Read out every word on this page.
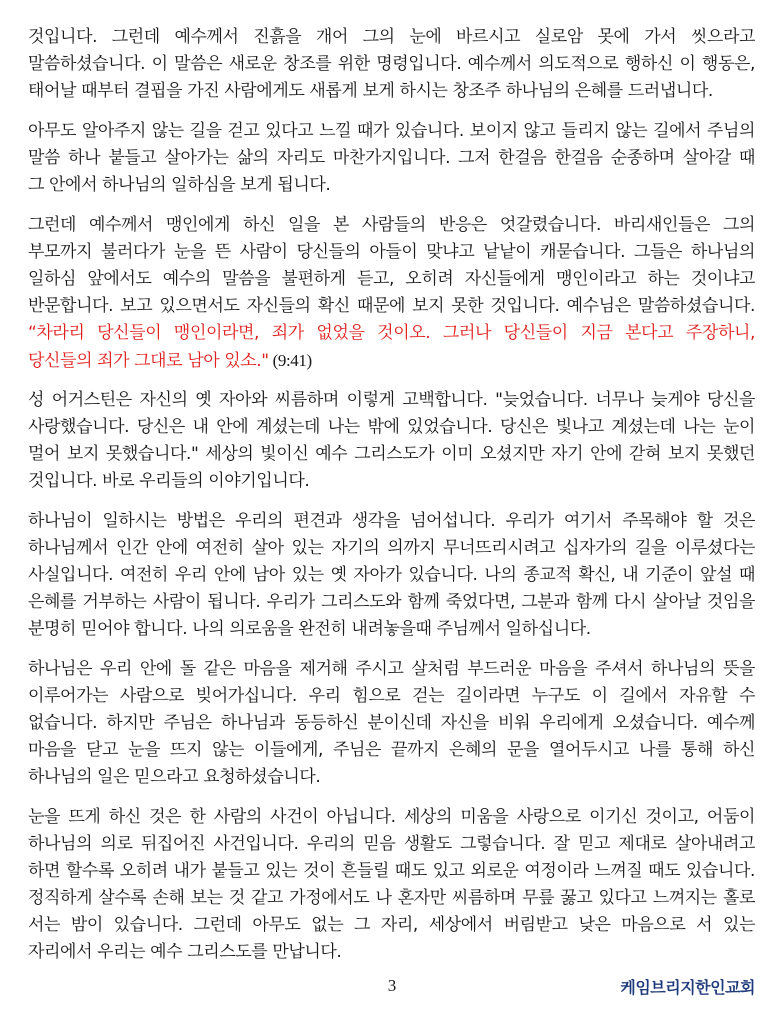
것입니다. 그런데 예수께서 진흙을 개어 그의 눈에 바르시고 실로암 못에 가서 씻으라고
말씀하셨습니다. 이 말씀은 새로운 창조를 위한 명령입니다. 예수께서 의도적으로 행하신 이 행동은,
태어날 때부터 결핍을 가진 사람에게도 새롭게 보게 하시는 창조주 하나님의 은혜를 드러냅니다.
아무도 알아주지 않는 길을 걷고 있다고 느낄 때가 있습니다. 보이지 않고 들리지 않는 길에서 주님의
말씀 하나 붙들고 살아가는 삶의 자리도 마찬가지입니다. 그저 한걸음 한걸음 순종하며 살아갈 때
그 안에서 하나님의 일하심을 보게 됩니다.
그런데 예수께서 맹인에게 하신 일을 본 사람들의 반응은 엇갈렸습니다. 바리새인들은 그의
부모까지 불러다가 눈을 뜬 사람이 당신들의 아들이 맞냐고 낱낱이 캐묻습니다. 그들은 하나님의
일하심 앞에서도 예수의 말씀을 불편하게 듣고, 오히려 자신들에게 맹인이라고 하는 것이냐고
반문합니다. 보고 있으면서도 자신들의 확신 때문에 보지 못한 것입니다. 예수님은 말씀하셨습니다.
“차라리 당신들이 맹인이라면, 죄가 없었을 것이오. 그러나 당신들이 지금 본다고 주장하니,
당신들의 죄가 그대로 남아 있소." (9:41)
성 어거스틴은 자신의 옛 자아와 씨름하며 이렇게 고백합니다. "늦었습니다. 너무나 늦게야 당신을
사랑했습니다. 당신은 내 안에 계셨는데 나는 밖에 있었습니다. 당신은 빛나고 계셨는데 나는 눈이
멀어 보지 못했습니다." 세상의 빛이신 예수 그리스도가 이미 오셨지만 자기 안에 갇혀 보지 못했던
것입니다. 바로 우리들의 이야기입니다.
하나님이 일하시는 방법은 우리의 편견과 생각을 넘어섭니다. 우리가 여기서 주목해야 할 것은
하나님께서 인간 안에 여전히 살아 있는 자기의 의까지 무너뜨리시려고 십자가의 길을 이루셨다는
사실입니다. 여전히 우리 안에 남아 있는 옛 자아가 있습니다. 나의 종교적 확신, 내 기준이 앞설 때
은혜를 거부하는 사람이 됩니다. 우리가 그리스도와 함께 죽었다면, 그분과 함께 다시 살아날 것임을
분명히 믿어야 합니다. 나의 의로움을 완전히 내려놓을때 주님께서 일하십니다.
하나님은 우리 안에 돌 같은 마음을 제거해 주시고 살처럼 부드러운 마음을 주셔서 하나님의 뜻을
이루어가는 사람으로 빚어가십니다. 우리 힘으로 걷는 길이라면 누구도 이 길에서 자유할 수
없습니다. 하지만 주님은 하나님과 동등하신 분이신데 자신을 비워 우리에게 오셨습니다. 예수께
마음을 닫고 눈을 뜨지 않는 이들에게, 주님은 끝까지 은혜의 문을 열어두시고 나를 통해 하신
하나님의 일은 믿으라고 요청하셨습니다.
눈을 뜨게 하신 것은 한 사람의 사건이 아닙니다. 세상의 미움을 사랑으로 이기신 것이고, 어둠이
하나님의 의로 뒤집어진 사건입니다. 우리의 믿음 생활도 그렇습니다. 잘 믿고 제대로 살아내려고
하면 할수록 오히려 내가 붙들고 있는 것이 흔들릴 때도 있고 외로운 여정이라 느껴질 때도 있습니다.
정직하게 살수록 손해 보는 것 같고 가정에서도 나 혼자만 씨름하며 무릎 꿇고 있다고 느껴지는 홀로
서는 밤이 있습니다. 그런데 아무도 없는 그 자리, 세상에서 버림받고 낮은 마음으로 서 있는
자리에서 우리는 예수 그리스도를 만납니다.
3	케임브리지한인교회
